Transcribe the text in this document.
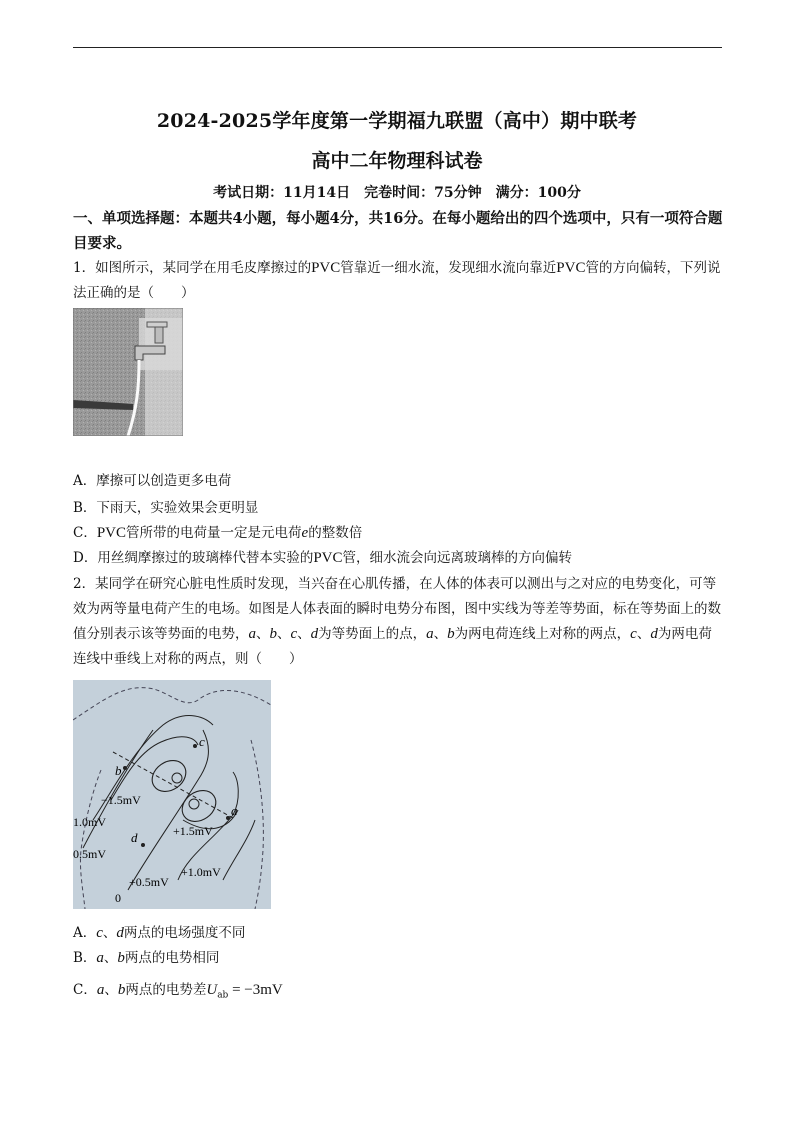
2024-2025学年度第一学期福九联盟（高中）期中联考
高中二年物理科试卷
考试日期：11月14日　完卷时间：75分钟　满分：100分
一、单项选择题：本题共4小题，每小题4分，共16分。在每小题给出的四个选项中，只有一项符合题目要求。
1．如图所示，某同学在用毛皮摩擦过的PVC管靠近一细水流，发现细水流向靠近PVC管的方向偏转，下列说法正确的是（　　）
A．摩擦可以创造更多电荷
B．下雨天，实验效果会更明显
C．PVC管所带的电荷量一定是元电荷e的整数倍
D．用丝绸摩擦过的玻璃棒代替本实验的PVC管，细水流会向远离玻璃棒的方向偏转
2．某同学在研究心脏电性质时发现，当兴奋在心肌传播，在人体的体表可以测出与之对应的电势变化，可等效为两等量电荷产生的电场。如图是人体表面的瞬时电势分布图，图中实线为等差等势面，标在等势面上的数值分别表示该等势面的电势，a、b、c、d为等势面上的点，a、b为两电荷连线上对称的两点，c、d为两电荷连线中垂线上对称的两点，则（　　）
b
a
c
d
−1.5mV
+1.5mV
1.0mV
0.5mV
+0.5mV
+1.0mV
0
A．c、d两点的电场强度不同
B．a、b两点的电势相同
C．a、b两点的电势差$U_{ab} = -3mV$
